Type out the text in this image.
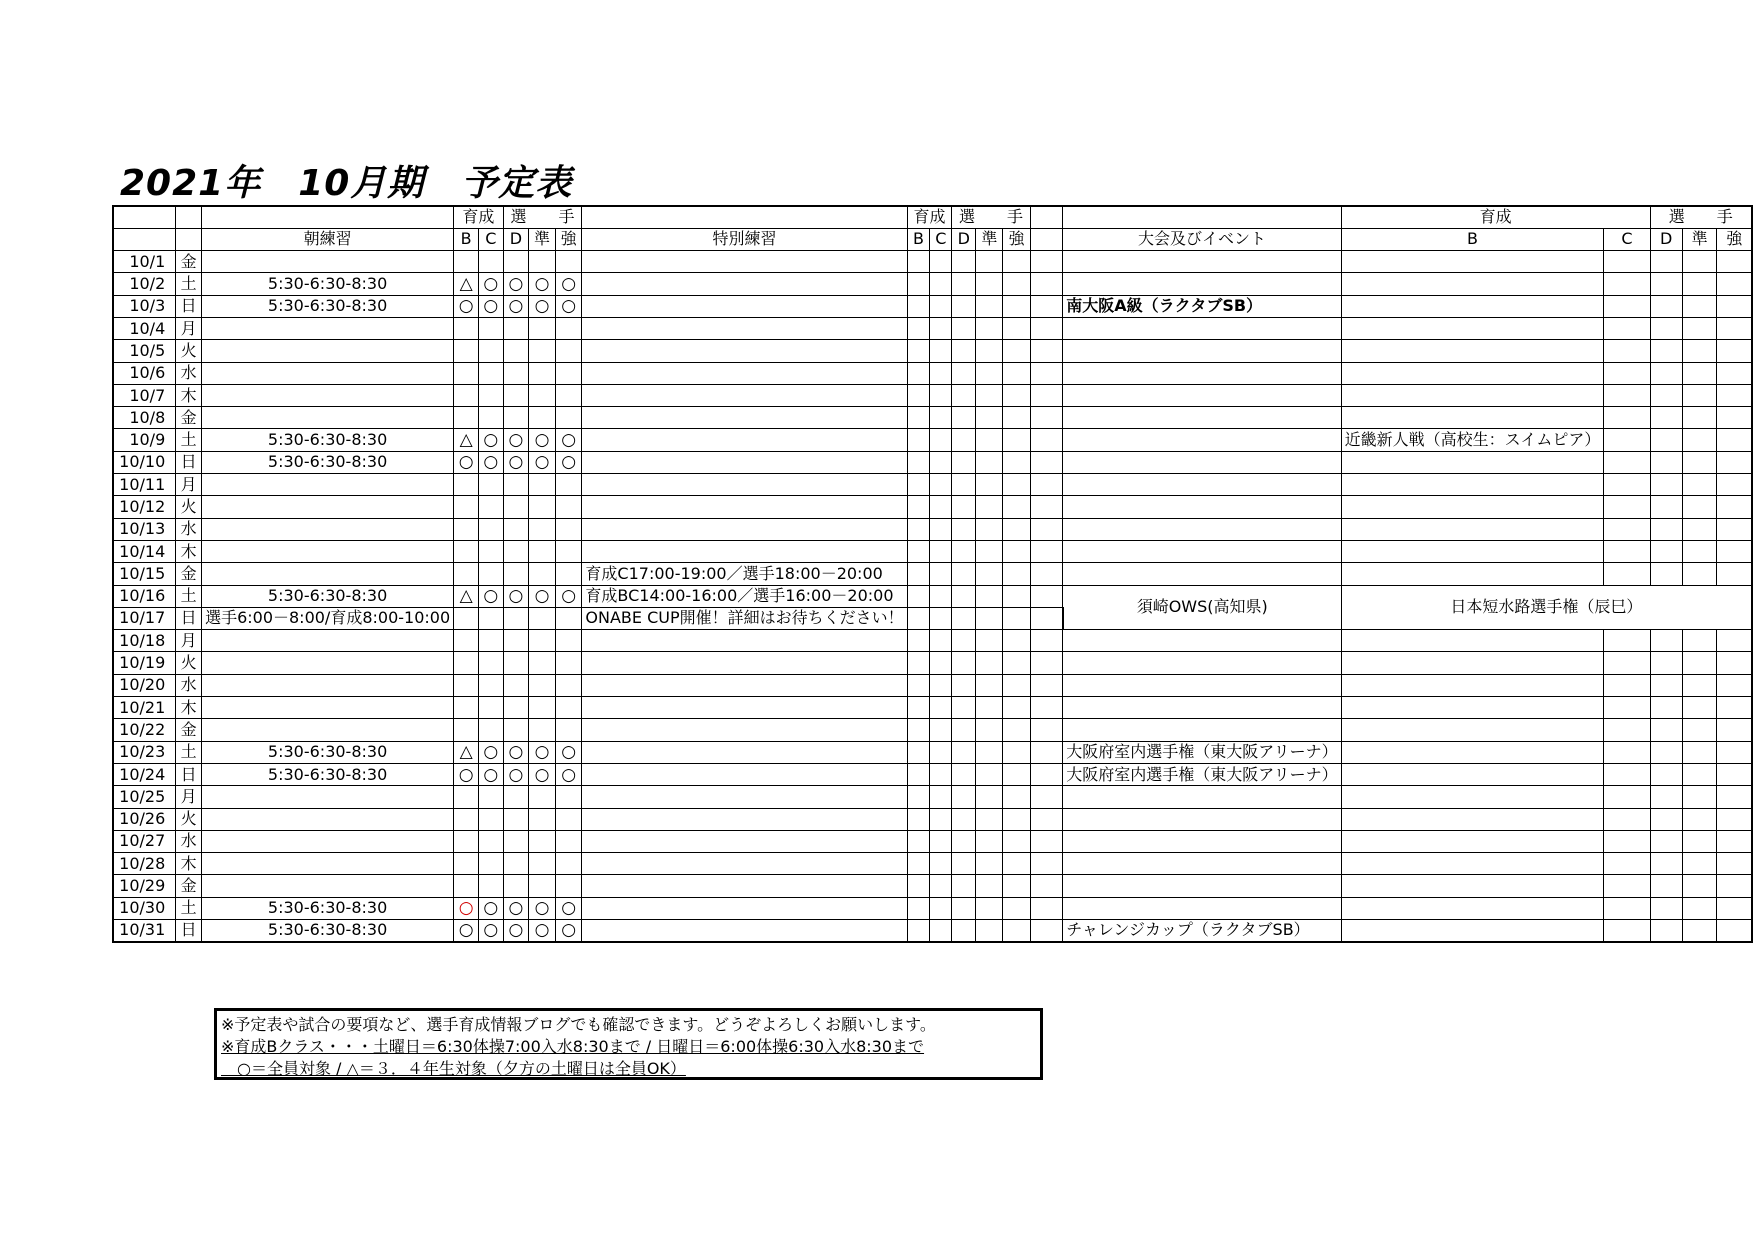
2021年　10月期　予定表
			育成		選　　手				育成		選　　手					育成		選　　手		
		朝練習	B	C	D	準	強	特別練習	B	C	D	準	強		大会及びイベント	B	C	D	準	強
10/1	金																			
10/2	土	5:30-6:30-8:30	△	○	○	○	○													
10/3	日	5:30-6:30-8:30	○	○	○	○	○								南大阪A級（ラクタブSB）					
10/4	月																			
10/5	火																			
10/6	水																			
10/7	木																			
10/8	金																			
10/9	土	5:30-6:30-8:30	△	○	○	○	○									近畿新人戦（高校生：スイムピア）				
10/10	日	5:30-6:30-8:30	○	○	○	○	○													
10/11	月																			
10/12	火																			
10/13	水																			
10/14	木																			
10/15	金							育成C17:00-19:00／選手18:00－20:00												
10/16	土	5:30-6:30-8:30	△	○	○	○	○	育成BC14:00-16:00／選手16:00－20:00							須崎OWS(高知県)	日本短水路選手権（辰巳）				
10/17	日	選手6:00－8:00/育成8:00-10:00						ONABE CUP開催！詳細はお待ちください！												
10/18	月																			
10/19	火																			
10/20	水																			
10/21	木																			
10/22	金																			
10/23	土	5:30-6:30-8:30	△	○	○	○	○								大阪府室内選手権（東大阪アリーナ）					
10/24	日	5:30-6:30-8:30	○	○	○	○	○								大阪府室内選手権（東大阪アリーナ）					
10/25	月																			
10/26	火																			
10/27	水																			
10/28	木																			
10/29	金																			
10/30	土	5:30-6:30-8:30	○	○	○	○	○													
10/31	日	5:30-6:30-8:30	○	○	○	○	○								チャレンジカップ（ラクタブSB）					
※予定表や試合の要項など、選手育成情報ブログでも確認できます。どうぞよろしくお願いします。
※育成Bクラス・・・土曜日＝6:30体操7:00入水8:30まで / 日曜日＝6:00体操6:30入水8:30まで
　○＝全員対象 / △＝３．４年生対象（夕方の土曜日は全員OK）
